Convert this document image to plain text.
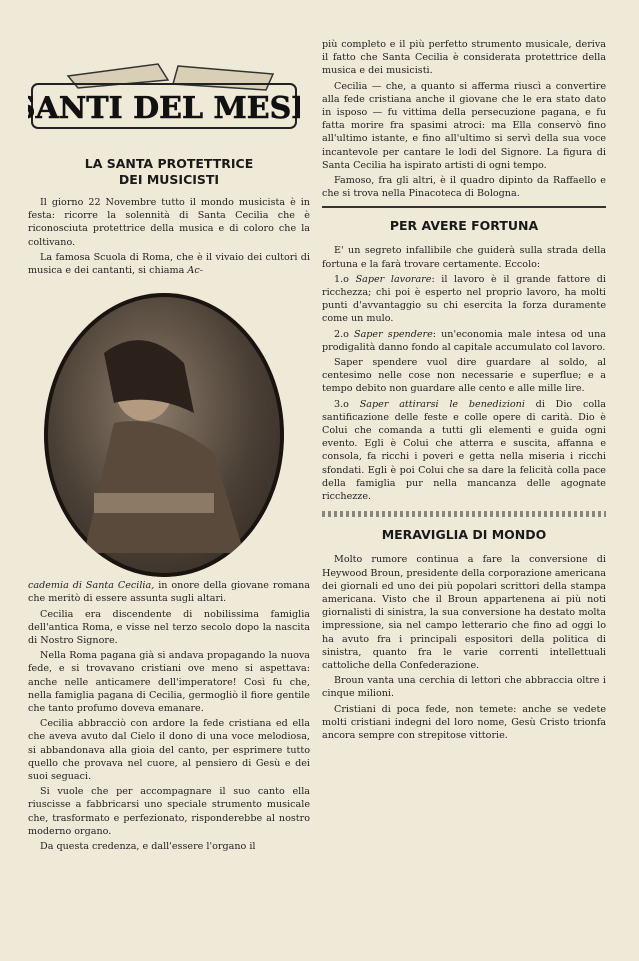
SANTI DEL MESE
LA SANTA PROTETTRICE
DEI MUSICISTI

Il giorno 22 Novembre tutto il mondo musicista è in festa: ricorre la solennità di Santa Cecilia che è riconosciuta protettrice della musica e di coloro che la coltivano.

La famosa Scuola di Roma, che è il vivaio dei cultori di musica e dei cantanti, si chiama Ac-

cademia di Santa Cecilia, in onore della giovane romana che meritò di essere assunta sugli altari.

Cecilia era discendente di nobilissima famiglia dell'antica Roma, e visse nel terzo secolo dopo la nascita di Nostro Signore.

Nella Roma pagana già si andava propagando la nuova fede, e si trovavano cristiani ove meno si aspettava: anche nelle anticamere dell'imperatore! Così fu che, nella famiglia pagana di Cecilia, germogliò il fiore gentile che tanto profumo doveva emanare.

Cecilia abbracciò con ardore la fede cristiana ed ella che aveva avuto dal Cielo il dono di una voce melodiosa, si abbandonava alla gioia del canto, per esprimere tutto quello che provava nel cuore, al pensiero di Gesù e dei suoi seguaci.

Si vuole che per accompagnare il suo canto ella riuscisse a fabbricarsi uno speciale strumento musicale che, trasformato e perfezionato, risponderebbe al nostro moderno organo.

Da questa credenza, e dall'essere l'organo il

più completo e il più perfetto strumento musicale, deriva il fatto che Santa Cecilia è considerata protettrice della musica e dei musicisti.

Cecilia — che, a quanto si afferma riuscì a convertire alla fede cristiana anche il giovane che le era stato dato in isposo — fu vittima della persecuzione pagana, e fu fatta morire fra spasimi atroci: ma Ella conservò fino all'ultimo istante, e fino all'ultimo si servì della sua voce incantevole per cantare le lodi del Signore. La figura di Santa Cecilia ha ispirato artisti di ogni tempo.

Famoso, fra gli altri, è il quadro dipinto da Raffaello e che si trova nella Pinacoteca di Bologna.

PER AVERE FORTUNA

E' un segreto infallibile che guiderà sulla strada della fortuna e la farà trovare certamente. Eccolo:

1.o Saper lavorare: il lavoro è il grande fattore di ricchezza; chi poi è esperto nel proprio lavoro, ha molti punti d'avvantaggio su chi esercita la forza duramente come un mulo.

2.o Saper spendere: un'economia male intesa od una prodigalità danno fondo al capitale accumulato col lavoro.

Saper spendere vuol dire guardare al soldo, al centesimo nelle cose non necessarie e superflue; e a tempo debito non guardare alle cento e alle mille lire.

3.o Saper attirarsi le benedizioni di Dio colla santificazione delle feste e colle opere di carità. Dio è Colui che comanda a tutti gli elementi e guida ogni evento. Egli è Colui che atterra e suscita, affanna e consola, fa ricchi i poveri e getta nella miseria i ricchi sfondati. Egli è poi Colui che sa dare la felicità colla pace della famiglia pur nella mancanza delle agognate ricchezze.

MERAVIGLIA DI MONDO

Molto rumore continua a fare la conversione di Heywood Broun, presidente della corporazione americana dei giornali ed uno dei più popolari scrittori della stampa americana. Visto che il Broun appartenena ai più noti giornalisti di sinistra, la sua conversione ha destato molta impressione, sia nel campo letterario che fino ad oggi lo ha avuto fra i principali espositori della politica di sinistra, quanto fra le varie correnti intellettuali cattoliche della Confederazione.

Broun vanta una cerchia di lettori che abbraccia oltre i cinque milioni.

Cristiani di poca fede, non temete: anche se vedete molti cristiani indegni del loro nome, Gesù Cristo trionfa ancora sempre con strepitose vittorie.
